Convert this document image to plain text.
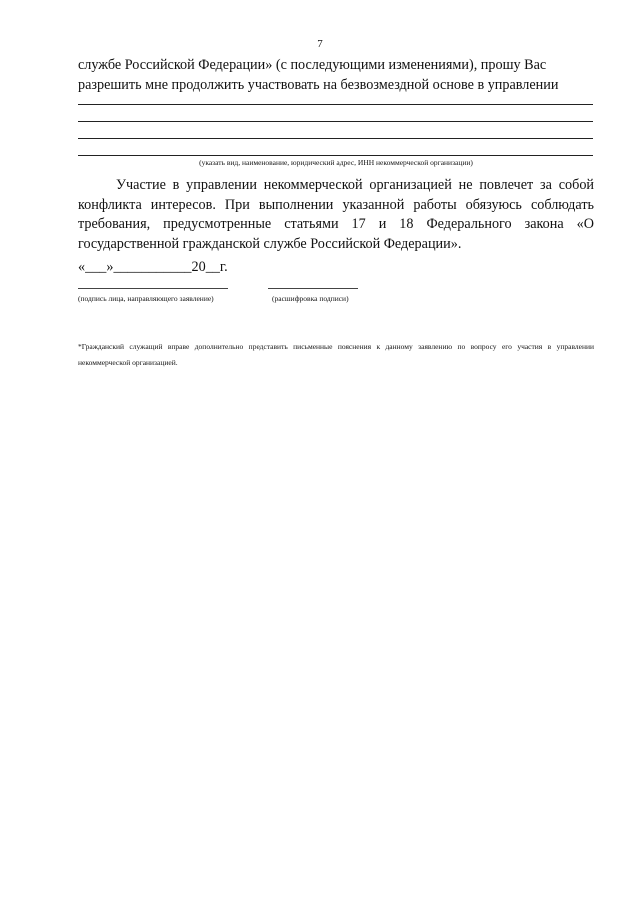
7
службе Российской Федерации» (с последующими изменениями), прошу Вас
разрешить мне продолжить участвовать на безвозмездной основе в управлении
(указать вид, наименование, юридический адрес, ИНН некоммерческой организации)
Участие в управлении некоммерческой организацией не повлечет за собой конфликта интересов. При выполнении указанной работы обязуюсь соблюдать требования, предусмотренные статьями 17 и 18 Федерального закона «О государственной гражданской службе Российской Федерации».
«___»___________20__г.
(подпись лица, направляющего заявление)	(расшифровка подписи)
*Гражданский служащий вправе дополнительно представить письменные пояснения к данному заявлению по вопросу его участия в управлении некоммерческой организацией.
